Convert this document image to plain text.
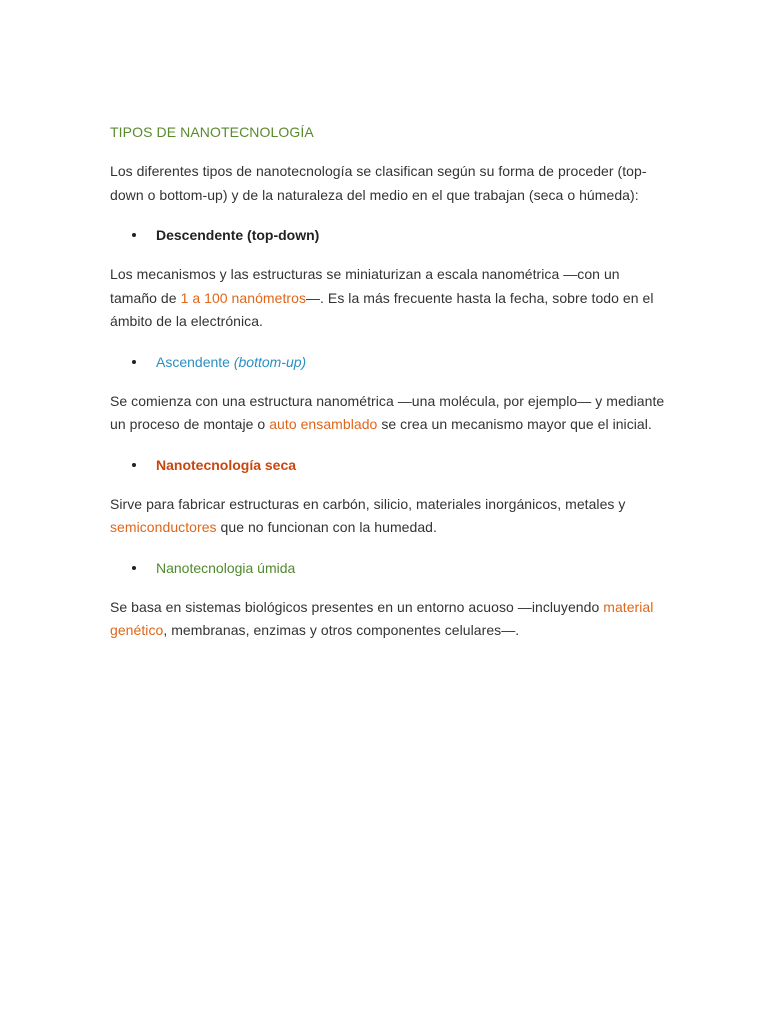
TIPOS DE NANOTECNOLOGÍA

Los diferentes tipos de nanotecnología se clasifican según su forma de proceder (top-down o bottom-up) y de la naturaleza del medio en el que trabajan (seca o húmeda):

Descendente (top-down)

Los mecanismos y las estructuras se miniaturizan a escala nanométrica —con un tamaño de 1 a 100 nanómetros—. Es la más frecuente hasta la fecha, sobre todo en el ámbito de la electrónica.

Ascendente (bottom-up)

Se comienza con una estructura nanométrica —una molécula, por ejemplo— y mediante un proceso de montaje o auto ensamblado se crea un mecanismo mayor que el inicial.

Nanotecnología seca

Sirve para fabricar estructuras en carbón, silicio, materiales inorgánicos, metales y semiconductores que no funcionan con la humedad.

Nanotecnologia úmida

Se basa en sistemas biológicos presentes en un entorno acuoso —incluyendo material genético, membranas, enzimas y otros componentes celulares—.
